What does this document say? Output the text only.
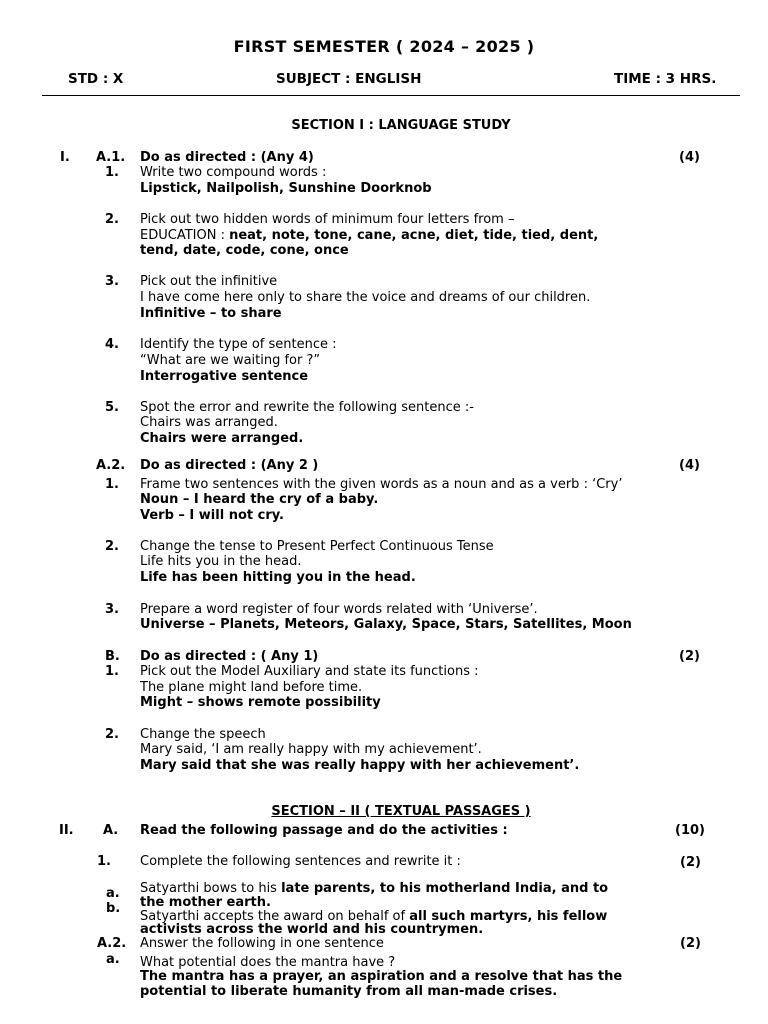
FIRST SEMESTER ( 2024 – 2025 )
STD : X	SUBJECT : ENGLISH	TIME : 3 HRS.
SECTION I : LANGUAGE STUDY
I. A.1. Do as directed : (Any 4)	(4)
1. Write two compound words :
Lipstick, Nailpolish, Sunshine Doorknob
2. Pick out two hidden words of minimum four letters from –
EDUCATION : neat, note, tone, cane, acne, diet, tide, tied, dent,
tend, date, code, cone, once
3. Pick out the infinitive
I have come here only to share the voice and dreams of our children.
Infinitive – to share
4. Identify the type of sentence :
“What are we waiting for ?”
Interrogative sentence
5. Spot the error and rewrite the following sentence :-
Chairs was arranged.
Chairs were arranged.
A.2. Do as directed : (Any 2 )	(4)
1. Frame two sentences with the given words as a noun and as a verb : ‘Cry’
Noun – I heard the cry of a baby.
Verb – I will not cry.
2. Change the tense to Present Perfect Continuous Tense
Life hits you in the head.
Life has been hitting you in the head.
3. Prepare a word register of four words related with ‘Universe’.
Universe – Planets, Meteors, Galaxy, Space, Stars, Satellites, Moon
B. Do as directed : ( Any 1)	(2)
1. Pick out the Model Auxiliary and state its functions :
The plane might land before time.
Might – shows remote possibility
2. Change the speech
Mary said, ‘I am really happy with my achievement’.
Mary said that she was really happy with her achievement’.
SECTION – II ( TEXTUAL PASSAGES )
II. A. Read the following passage and do the activities :	(10)
1. Complete the following sentences and rewrite it :	(2)
a. Satyarthi bows to his late parents, to his motherland India, and to
the mother earth.
b.
Satyarthi accepts the award on behalf of all such martyrs, his fellow
activists across the world and his countrymen.
A.2. Answer the following in one sentence	(2)
a. What potential does the mantra have ?
The mantra has a prayer, an aspiration and a resolve that has the
potential to liberate humanity from all man-made crises.
